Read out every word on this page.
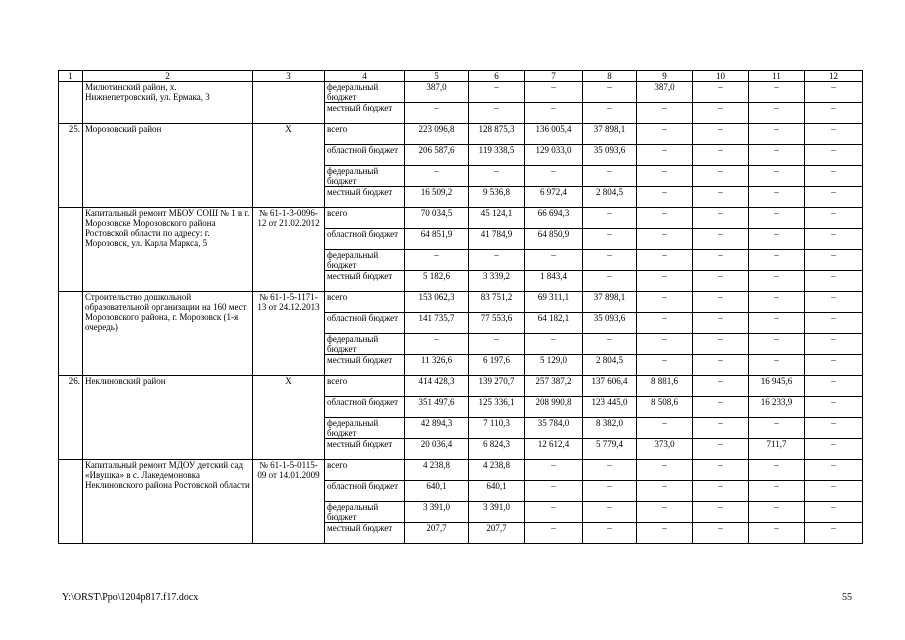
1	2	3	4	5	6	7	8	9	10	11	12
	Милютинский район, х. Нижнепетровский, ул. Ермака, 3		федеральный бюджет	387,0	–	–	–	387,0	–	–	–
			местный бюджет	–	–	–	–	–	–	–	–
25.	Морозовский район	Х	всего	223 096,8	128 875,3	136 005,4	37 898,1	–	–	–	–
			областной бюджет	206 587,6	119 338,5	129 033,0	35 093,6	–	–	–	–
			федеральный бюджет	–	–	–	–	–	–	–	–
			местный бюджет	16 509,2	9 536,8	6 972,4	2 804,5	–	–	–	–
	Капитальный ремонт МБОУ СОШ № 1 в г. Морозовске Морозовского района Ростовской области по адресу: г. Морозовск, ул. Карла Маркса, 5	№ 61-1-3-0096-12 от 21.02.2012	всего	70 034,5	45 124,1	66 694,3	–	–	–	–	–
			областной бюджет	64 851,9	41 784,9	64 850,9	–	–	–	–	–
			федеральный бюджет	–	–	–	–	–	–	–	–
			местный бюджет	5 182,6	3 339,2	1 843,4	–	–	–	–	–
	Строительство дошкольной образовательной организации на 160 мест Морозовского района, г. Морозовск (1-я очередь)	№ 61-1-5-1171-13 от 24.12.2013	всего	153 062,3	83 751,2	69 311,1	37 898,1	–	–	–	–
			областной бюджет	141 735,7	77 553,6	64 182,1	35 093,6	–	–	–	–
			федеральный бюджет	–	–	–	–	–	–	–	–
			местный бюджет	11 326,6	6 197,6	5 129,0	2 804,5	–	–	–	–
26.	Неклиновский район	Х	всего	414 428,3	139 270,7	257 387,2	137 606,4	8 881,6	–	16 945,6	–
			областной бюджет	351 497,6	125 336,1	208 990,8	123 445,0	8 508,6	–	16 233,9	–
			федеральный бюджет	42 894,3	7 110,3	35 784,0	8 382,0	–	–	–	–
			местный бюджет	20 036,4	6 824,3	12 612,4	5 779,4	373,0	–	711,7	–
	Капитальный ремонт МДОУ детский сад «Ивушка» в с. Лакедемоновка Неклиновского района Ростовской области	№ 61-1-5-0115-09 от 14.01.2009	всего	4 238,8	4 238,8	–	–	–	–	–	–
			областной бюджет	640,1	640,1	–	–	–	–	–	–
			федеральный бюджет	3 391,0	3 391,0	–	–	–	–	–	–
			местный бюджет	207,7	207,7	–	–	–	–	–	–
Y:\ORST\Ppo\1204p817.f17.docx	55
